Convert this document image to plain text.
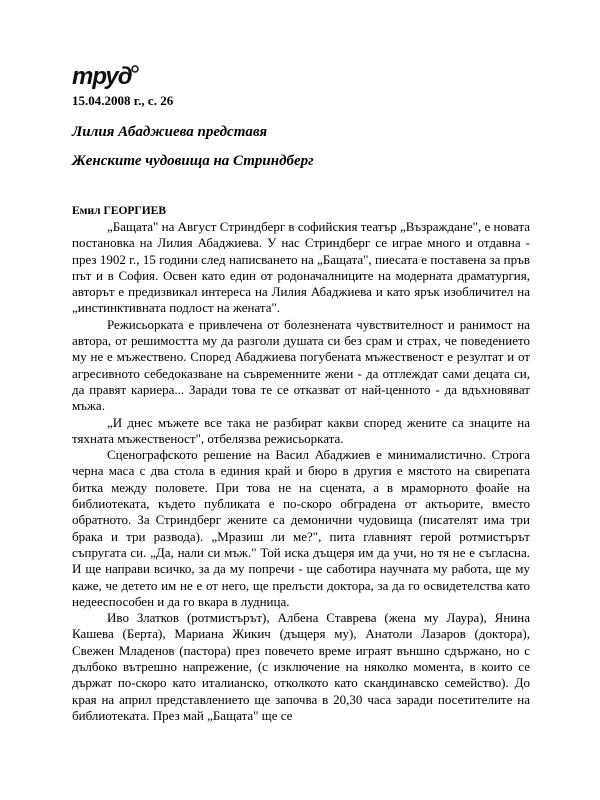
труд

15.04.2008 г., с. 26

Лилия Абаджиева представя
Женските чудовища на Стриндберг

Емил ГЕОРГИЕВ

„Бащата" на Август Стриндберг в софийския театър „Възраждане", е новата постановка на Лилия Абаджиева. У нас Стриндберг се играе много и отдавна - през 1902 г., 15 години след написването на „Бащата", пиесата е поставена за пръв път и в София. Освен като един от родоначалниците на модерната драматургия, авторът е предизвикал интереса на Лилия Абаджиева и като ярък изобличител на „инстинктивната подлост на жената".

Режисьорката е привлечена от болезнената чувствителност и ранимост на автора, от решимостта му да разголи душата си без срам и страх, че поведението му не е мъжествено. Според Абаджиева погубената мъжественост е резултат и от агресивното себедоказване на съвременните жени - да отглеждат сами децата си, да правят кариера... Заради това те се отказват от най-ценното - да вдъхновяват мъжа.

„И днес мъжете все така не разбират какви според жените са знаците на тяхната мъжественост", отбелязва режисьорката.

Сценографското решение на Васил Абаджиев е минималистично. Строга черна маса с два стола в единия край и бюро в другия е мястото на свирепата битка между половете. При това не на сцената, а в мраморното фоайе на библиотеката, където публиката е по-скоро обградена от актьорите, вместо обратното. За Стриндберг жените са демонични чудовища (писателят има три брака и три развода). „Мразиш ли ме?", пита главният герой ротмистърът съпругата си. „Да, нали си мъж." Той иска дъщеря им да учи, но тя не е съгласна. И ще направи всичко, за да му попречи - ще саботира научната му работа, ще му каже, че детето им не е от него, ще прелъсти доктора, за да го освидетелства като недееспособен и да го вкара в лудница.

Иво Златков (ротмистърът), Албена Ставрева (жена му Лаура), Янина Кашева (Берта), Мариана Жикич (дъщеря му), Анатоли Лазаров (доктора), Свежен Младенов (пастора) през повечето време играят външно сдържано, но с дълбоко вътрешно напрежение, (с изключение на няколко момента, в които се държат по-скоро като италианско, отколкото като скандинавско семейство). До края на април представлението ще започва в 20,30 часа заради посетителите на библиотеката. През май „Бащата" ще се
